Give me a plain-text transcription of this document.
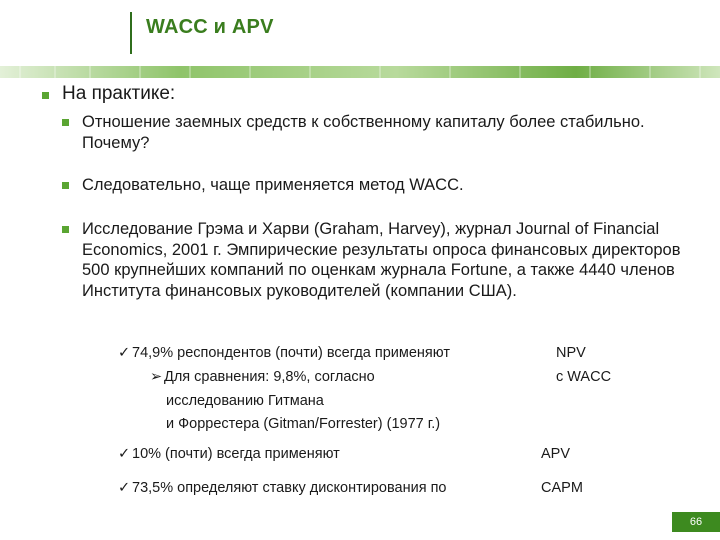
WACC и APV
На практике:
Отношение заемных средств к собственному капиталу более стабильно. Почему?
Следовательно, чаще применяется метод WACC.
Исследование Грэма и Харви (Graham, Harvey), журнал Journal of Financial Economics, 2001 г. Эмпирические результаты опроса финансовых директоров 500 крупнейших компаний по оценкам журнала Fortune, а также 4440 членов Института финансовых руководителей (компании США).
✓ 74,9% респондентов (почти) всегда применяют	NPV
➢ Для сравнения: 9,8%, согласно	с WACC
исследованию Гитмана
и Форрестера (Gitman/Forrester) (1977 г.)
✓ 10% (почти) всегда применяют	APV
✓ 73,5% определяют ставку дисконтирования по	CAPM
66
